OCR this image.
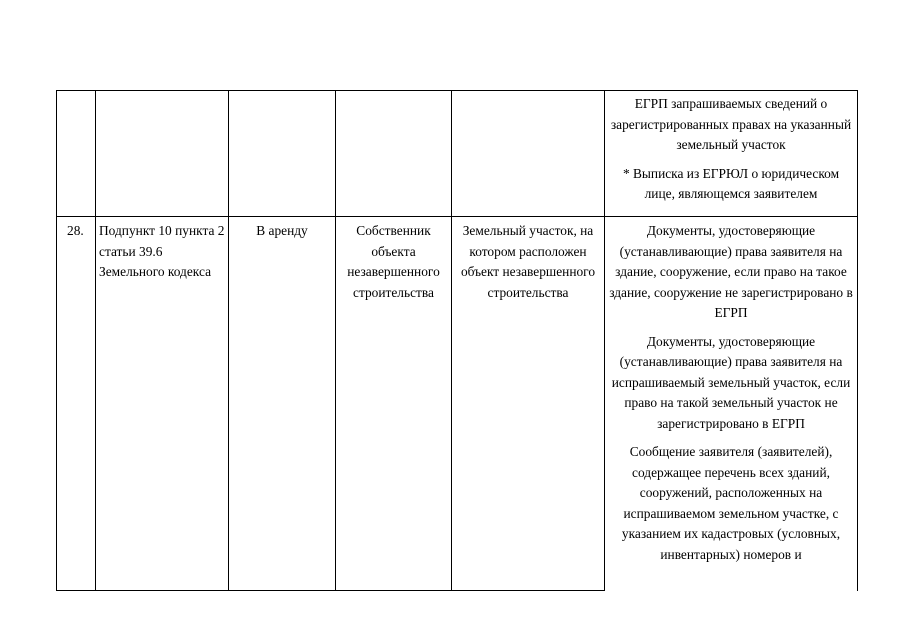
					ЕГРП запрашиваемых сведений о зарегистрированных правах на указанный земельный участок
* Выписка из ЕГРЮЛ о юридическом лице, являющемся заявителем

28.	Подпункт 10 пункта 2 статьи 39.6 Земельного кодекса	В аренду	Собственник объекта незавершенного строительства	Земельный участок, на котором расположен объект незавершенного строительства	Документы, удостоверяющие (устанавливающие) права заявителя на здание, сооружение, если право на такое здание, сооружение не зарегистрировано в ЕГРП
Документы, удостоверяющие (устанавливающие) права заявителя на испрашиваемый земельный участок, если право на такой земельный участок не зарегистрировано в ЕГРП
Сообщение заявителя (заявителей), содержащее перечень всех зданий, сооружений, расположенных на испрашиваемом земельном участке, с указанием их кадастровых (условных, инвентарных) номеров и
